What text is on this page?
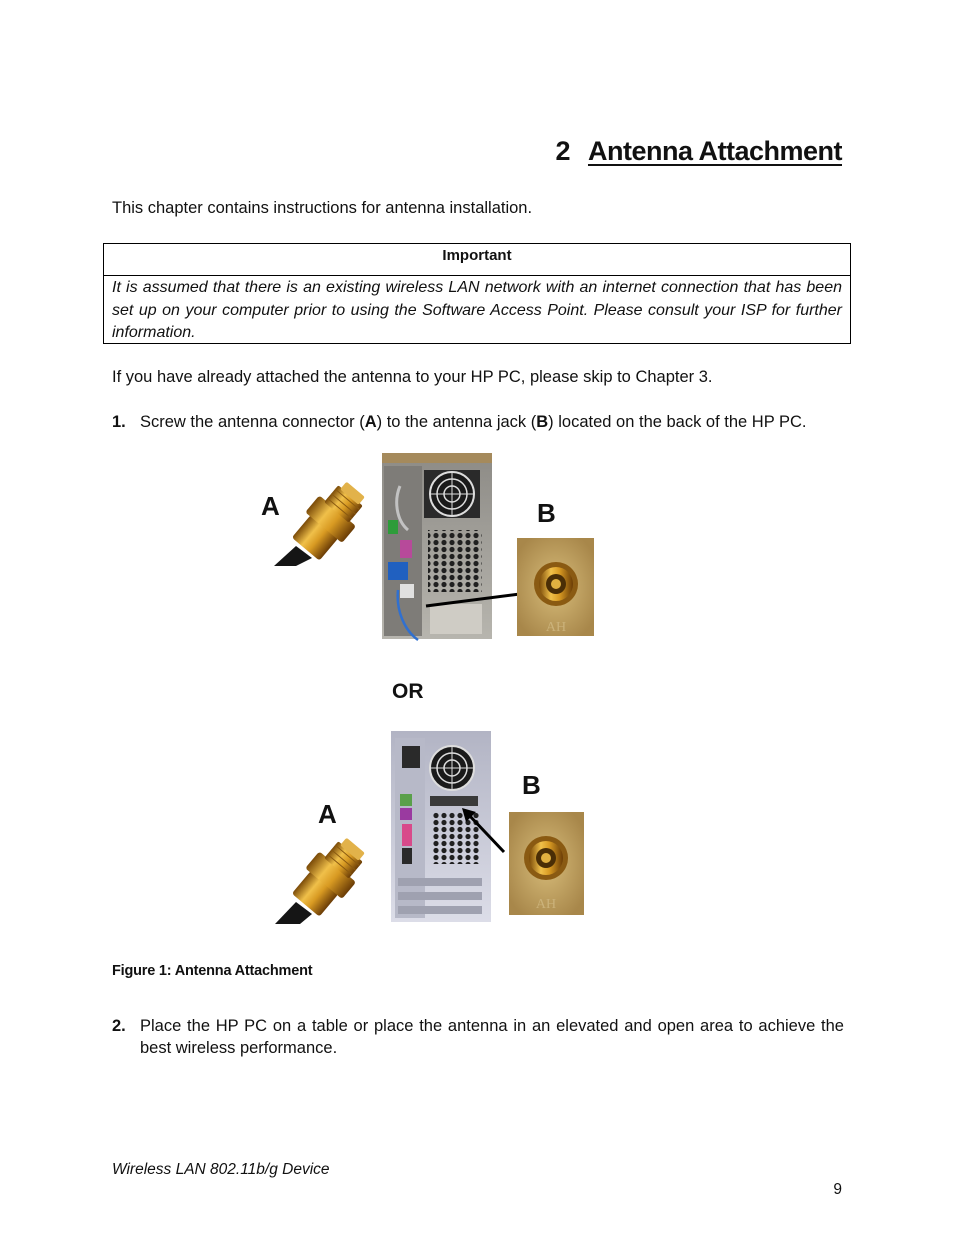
2 Antenna Attachment
This chapter contains instructions for antenna installation.
Important
It is assumed that there is an existing wireless LAN network with an internet connection that has been set up on your computer prior to using the Software Access Point. Please consult your ISP for further information.
If you have already attached the antenna to your HP PC, please skip to Chapter 3.
1. Screw the antenna connector (A) to the antenna jack (B) located on the back of the HP PC.
AH
AH
A	B
OR
B
A
Figure 1: Antenna Attachment
2. Place the HP PC on a table or place the antenna in an elevated and open area to achieve the best wireless performance.
Wireless LAN 802.11b/g Device
9
